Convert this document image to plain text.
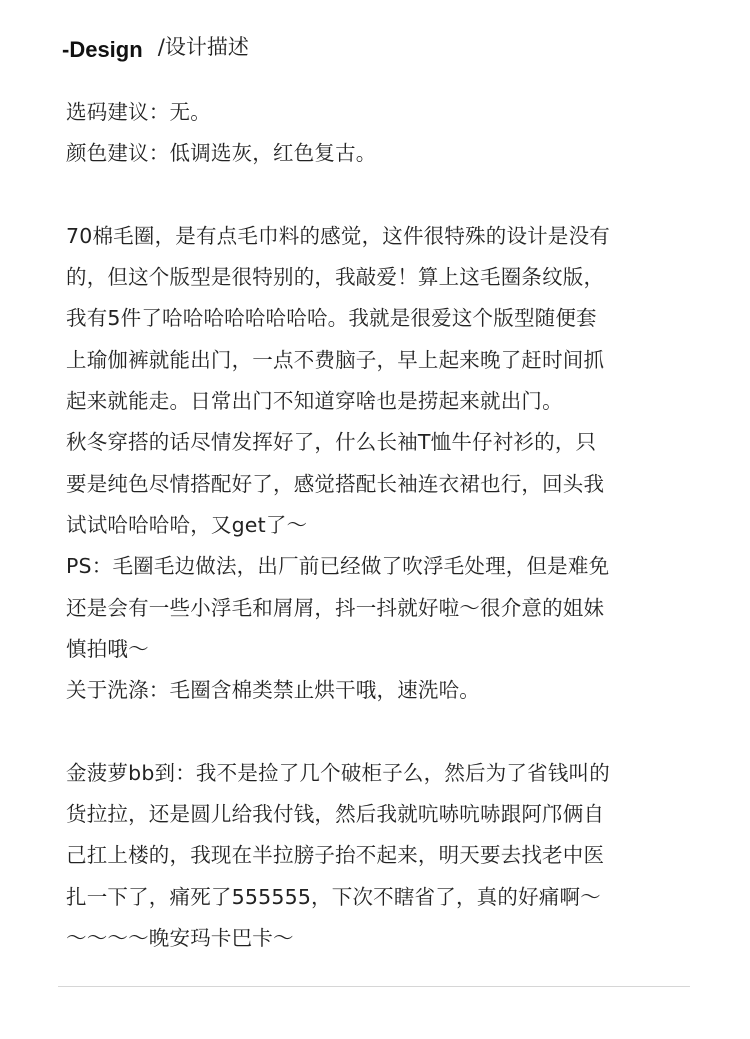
-Design /设计描述
选码建议：无。
颜色建议：低调选灰，红色复古。
70棉毛圈，是有点毛巾料的感觉，这件很特殊的设计是没有
的，但这个版型是很特别的，我敲爱！算上这毛圈条纹版，
我有5件了哈哈哈哈哈哈哈哈。我就是很爱这个版型随便套
上瑜伽裤就能出门，一点不费脑子，早上起来晚了赶时间抓
起来就能走。日常出门不知道穿啥也是捞起来就出门。
秋冬穿搭的话尽情发挥好了，什么长袖T恤牛仔衬衫的，只
要是纯色尽情搭配好了，感觉搭配长袖连衣裙也行，回头我
试试哈哈哈哈，又get了～
PS：毛圈毛边做法，出厂前已经做了吹浮毛处理，但是难免
还是会有一些小浮毛和屑屑，抖一抖就好啦～很介意的姐妹
慎拍哦～
关于洗涤：毛圈含棉类禁止烘干哦，速洗哈。
金菠萝bb到：我不是捡了几个破柜子么，然后为了省钱叫的
货拉拉，还是圆儿给我付钱，然后我就吭哧吭哧跟阿邝俩自
己扛上楼的，我现在半拉膀子抬不起来，明天要去找老中医
扎一下了，痛死了555555，下次不瞎省了，真的好痛啊～
～～～～晚安玛卡巴卡～
